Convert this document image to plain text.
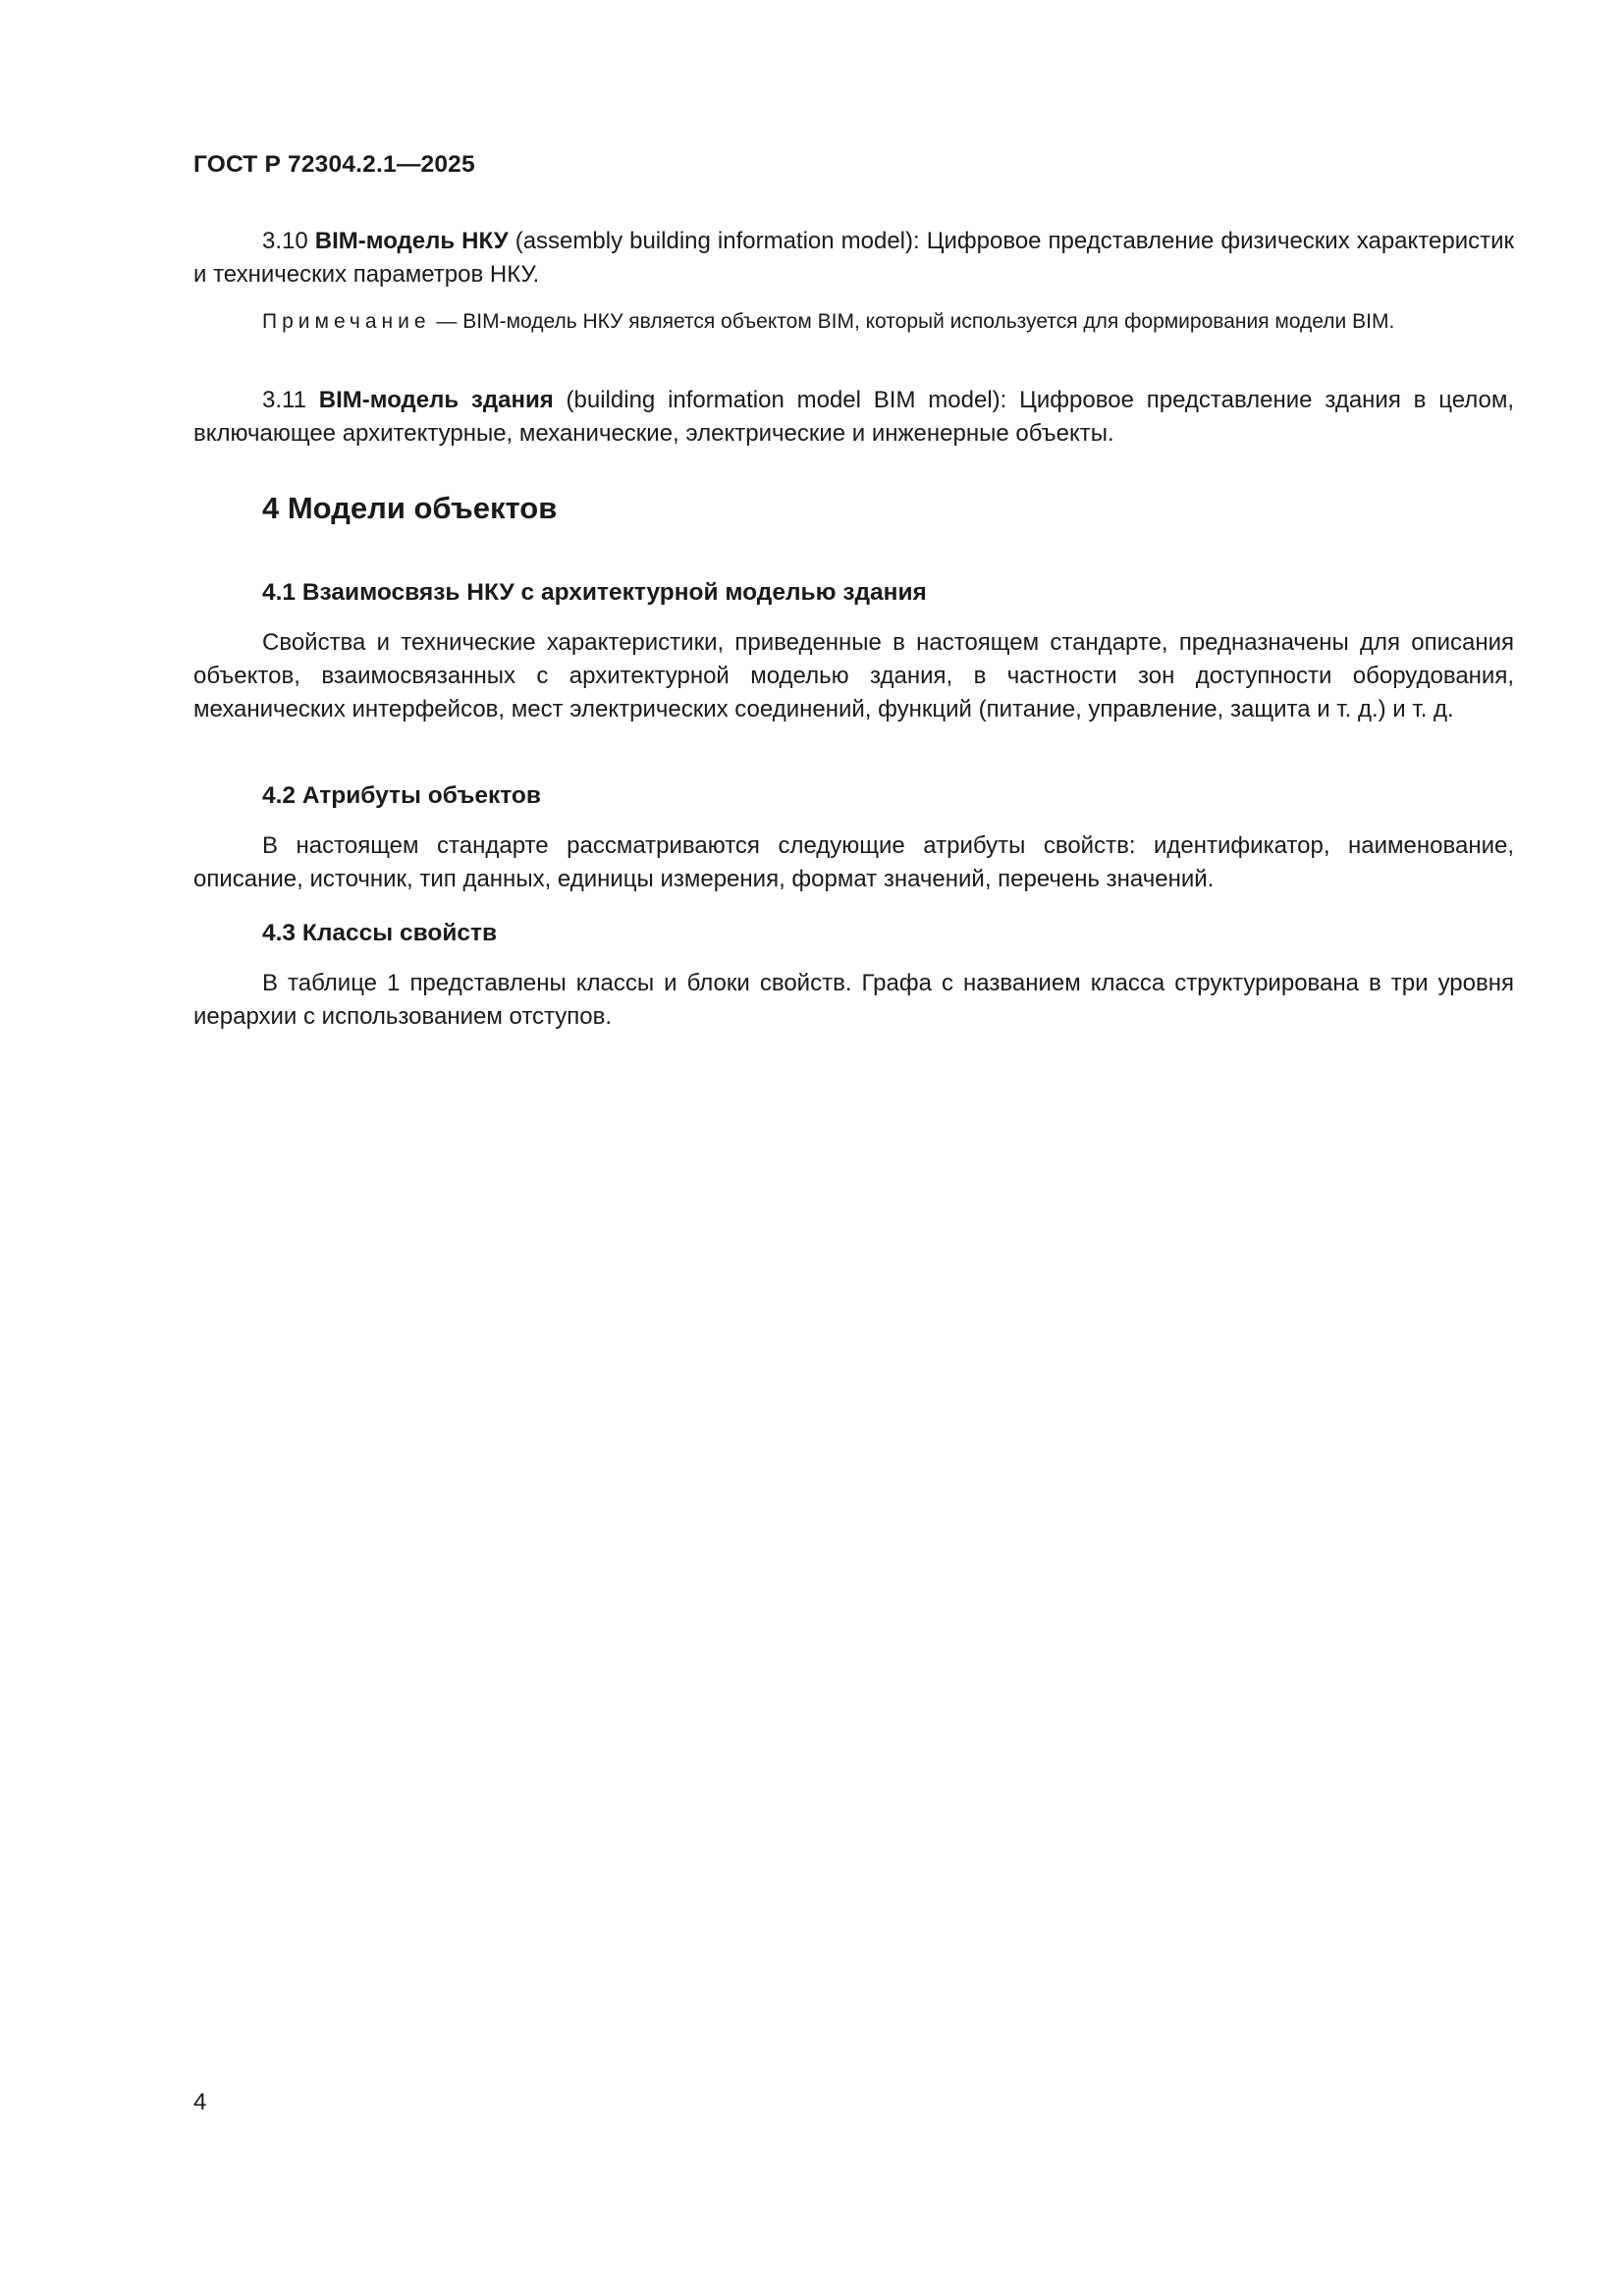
ГОСТ Р 72304.2.1—2025

3.10 BIM-модель НКУ (assembly building information model): Цифровое представление физических характеристик и технических параметров НКУ.

Примечание — BIM-модель НКУ является объектом BIM, который используется для формирования модели BIM.

3.11 BIM-модель здания (building information model BIM model): Цифровое представление здания в целом, включающее архитектурные, механические, электрические и инженерные объекты.

4 Модели объектов
4.1 Взаимосвязь НКУ с архитектурной моделью здания

Свойства и технические характеристики, приведенные в настоящем стандарте, предназначены для описания объектов, взаимосвязанных с архитектурной моделью здания, в частности зон доступности оборудования, механических интерфейсов, мест электрических соединений, функций (питание, управление, защита и т. д.) и т. д.

4.2 Атрибуты объектов

В настоящем стандарте рассматриваются следующие атрибуты свойств: идентификатор, наименование, описание, источник, тип данных, единицы измерения, формат значений, перечень значений.

4.3 Классы свойств

В таблице 1 представлены классы и блоки свойств. Графа с названием класса структурирована в три уровня иерархии с использованием отступов.

4
